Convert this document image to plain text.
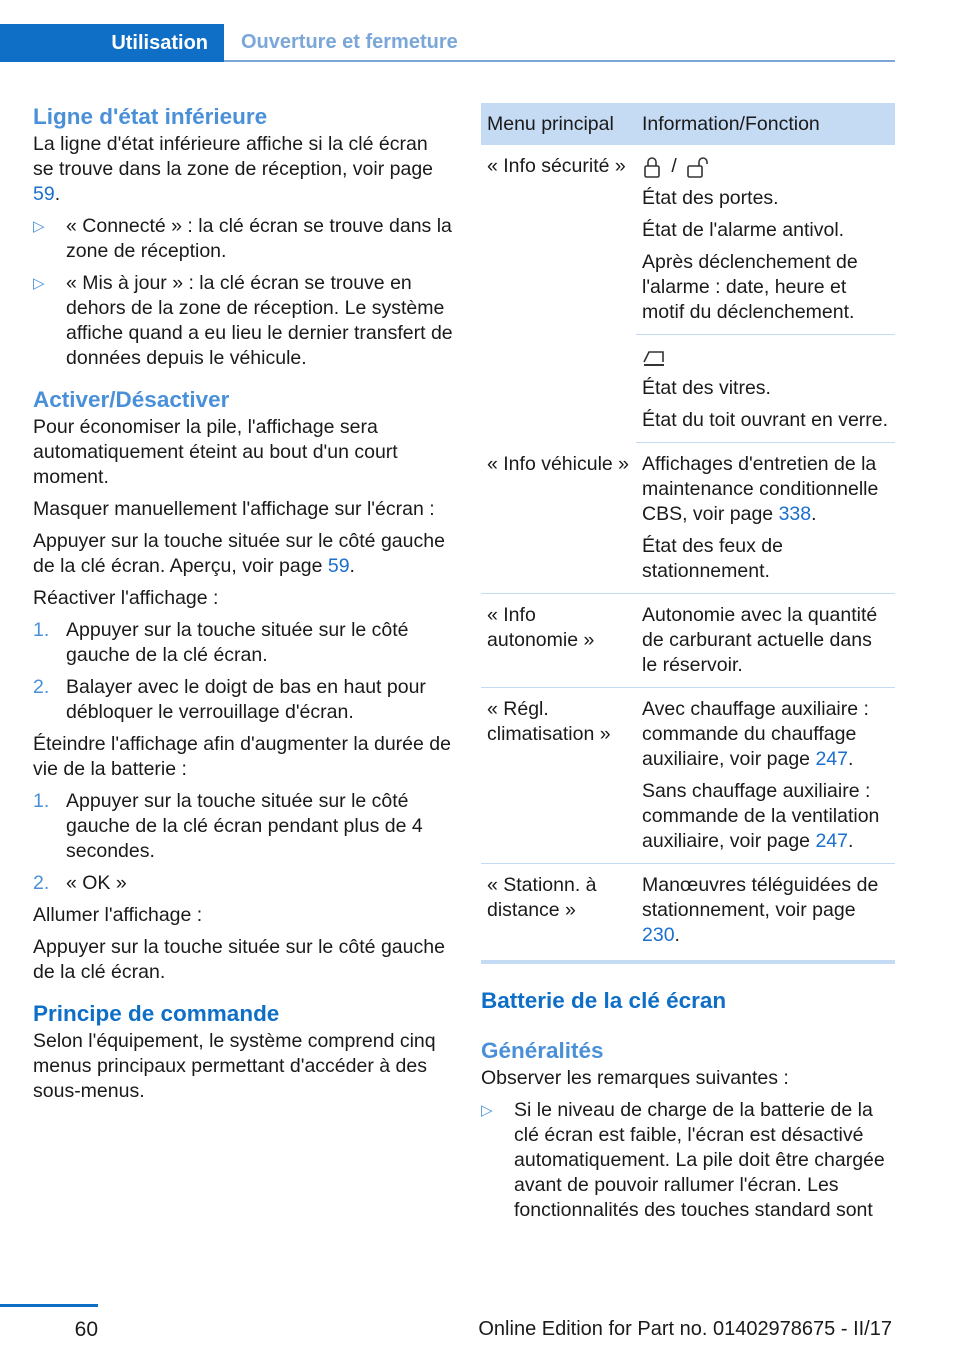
Utilisation	Ouverture et fermeture
Ligne d'état inférieure

La ligne d'état inférieure affiche si la clé écran se trouve dans la zone de réception, voir page 59.

▷ « Connecté » : la clé écran se trouve dans la zone de réception.
▷ « Mis à jour » : la clé écran se trouve en dehors de la zone de réception. Le système affiche quand a eu lieu le dernier transfert de données depuis le véhicule.
Activer/Désactiver

Pour économiser la pile, l'affichage sera automatiquement éteint au bout d'un court moment.

Masquer manuellement l'affichage sur l'écran :

Appuyer sur la touche située sur le côté gauche de la clé écran. Aperçu, voir page 59.

Réactiver l'affichage :

1. Appuyer sur la touche située sur le côté gauche de la clé écran.
2. Balayer avec le doigt de bas en haut pour débloquer le verrouillage d'écran.

Éteindre l'affichage afin d'augmenter la durée de vie de la batterie :

1. Appuyer sur la touche située sur le côté gauche de la clé écran pendant plus de 4 secondes.
2. « OK »

Allumer l'affichage :

Appuyer sur la touche située sur le côté gauche de la clé écran.

Principe de commande

Selon l'équipement, le système comprend cinq menus principaux permettant d'accéder à des sous-menus.

Menu principal	Information/Fonction
« Info sécurité »	/

État des portes.

État de l'alarme antivol.

Après déclenchement de l'alarme : date, heure et motif du déclenchement.

	État des vitres.

État du toit ouvrant en verre.

« Info véhicule »	Affichages d'entretien de la maintenance conditionnelle CBS, voir page 338.

État des feux de stationnement.

« Info autonomie »	Autonomie avec la quantité de carburant actuelle dans le réservoir.

« Régl. climatisation »	Avec chauffage auxiliaire : commande du chauffage auxiliaire, voir page 247.

Sans chauffage auxiliaire : commande de la ventilation auxiliaire, voir page 247.

« Stationn. à distance »	Manœuvres téléguidées de stationnement, voir page 230.

Batterie de la clé écran
Généralités

Observer les remarques suivantes :

▷ Si le niveau de charge de la batterie de la clé écran est faible, l'écran est désactivé automatiquement. La pile doit être chargée avant de pouvoir rallumer l'écran. Les fonctionnalités des touches standard sont
60	Online Edition for Part no. 01402978675 - II/17
